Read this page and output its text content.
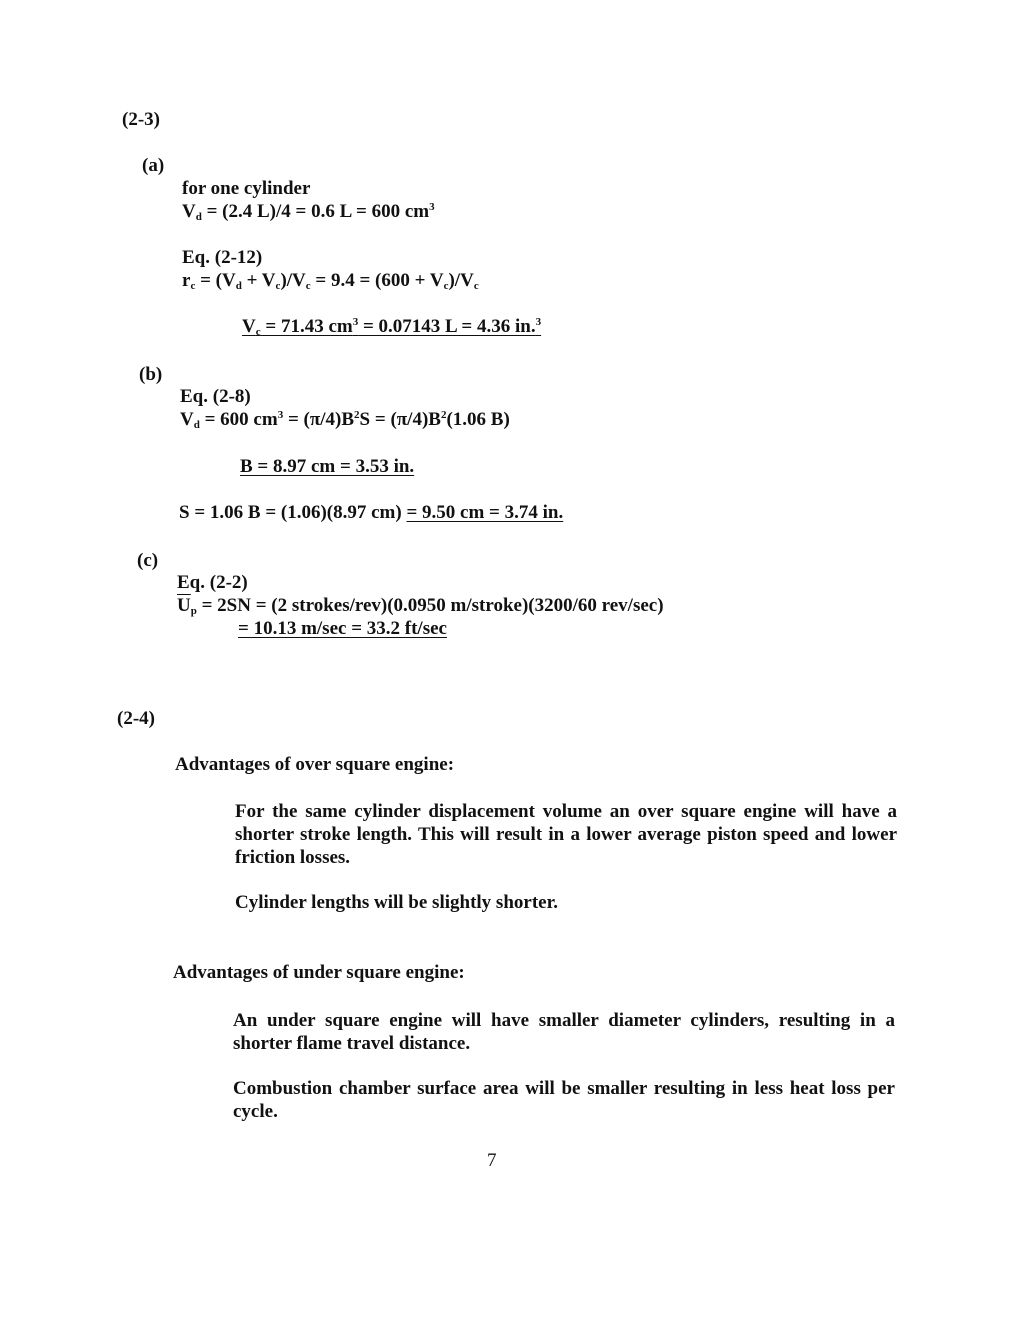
(2-3)
(a)
for one cylinder
$V_d = (2.4$ L)/4 = 0.6 L = 600 $cm^3$
Eq. (2-12)
$r_c = (V_d + V_c)/V_c = 9.4 = (600 + V_c)/V_c$
$V_c = 71.43$ $cm^3 = 0.07143$ L = 4.36 in.$^3$
(b)
Eq. (2-8)
$V_d = 600$ $cm^3 = (\pi/4)B^2S = (\pi/4)B^2(1.06$ B)
B = 8.97 cm = 3.53 in.
S = 1.06 B = (1.06)(8.97 cm) = 9.50 cm = 3.74 in.
(c)
Eq. (2-2)
$\overline{U}_p = 2SN = (2$ strokes/rev)(0.0950 m/stroke)(3200/60 rev/sec)
= 10.13 m/sec = 33.2 ft/sec
(2-4)
Advantages of over square engine:
For the same cylinder displacement volume an over square engine will have a shorter stroke length. This will result in a lower average piston speed and lower friction losses.
Cylinder lengths will be slightly shorter.
Advantages of under square engine:
An under square engine will have smaller diameter cylinders, resulting in a shorter flame travel distance.
Combustion chamber surface area will be smaller resulting in less heat loss per cycle.
7
